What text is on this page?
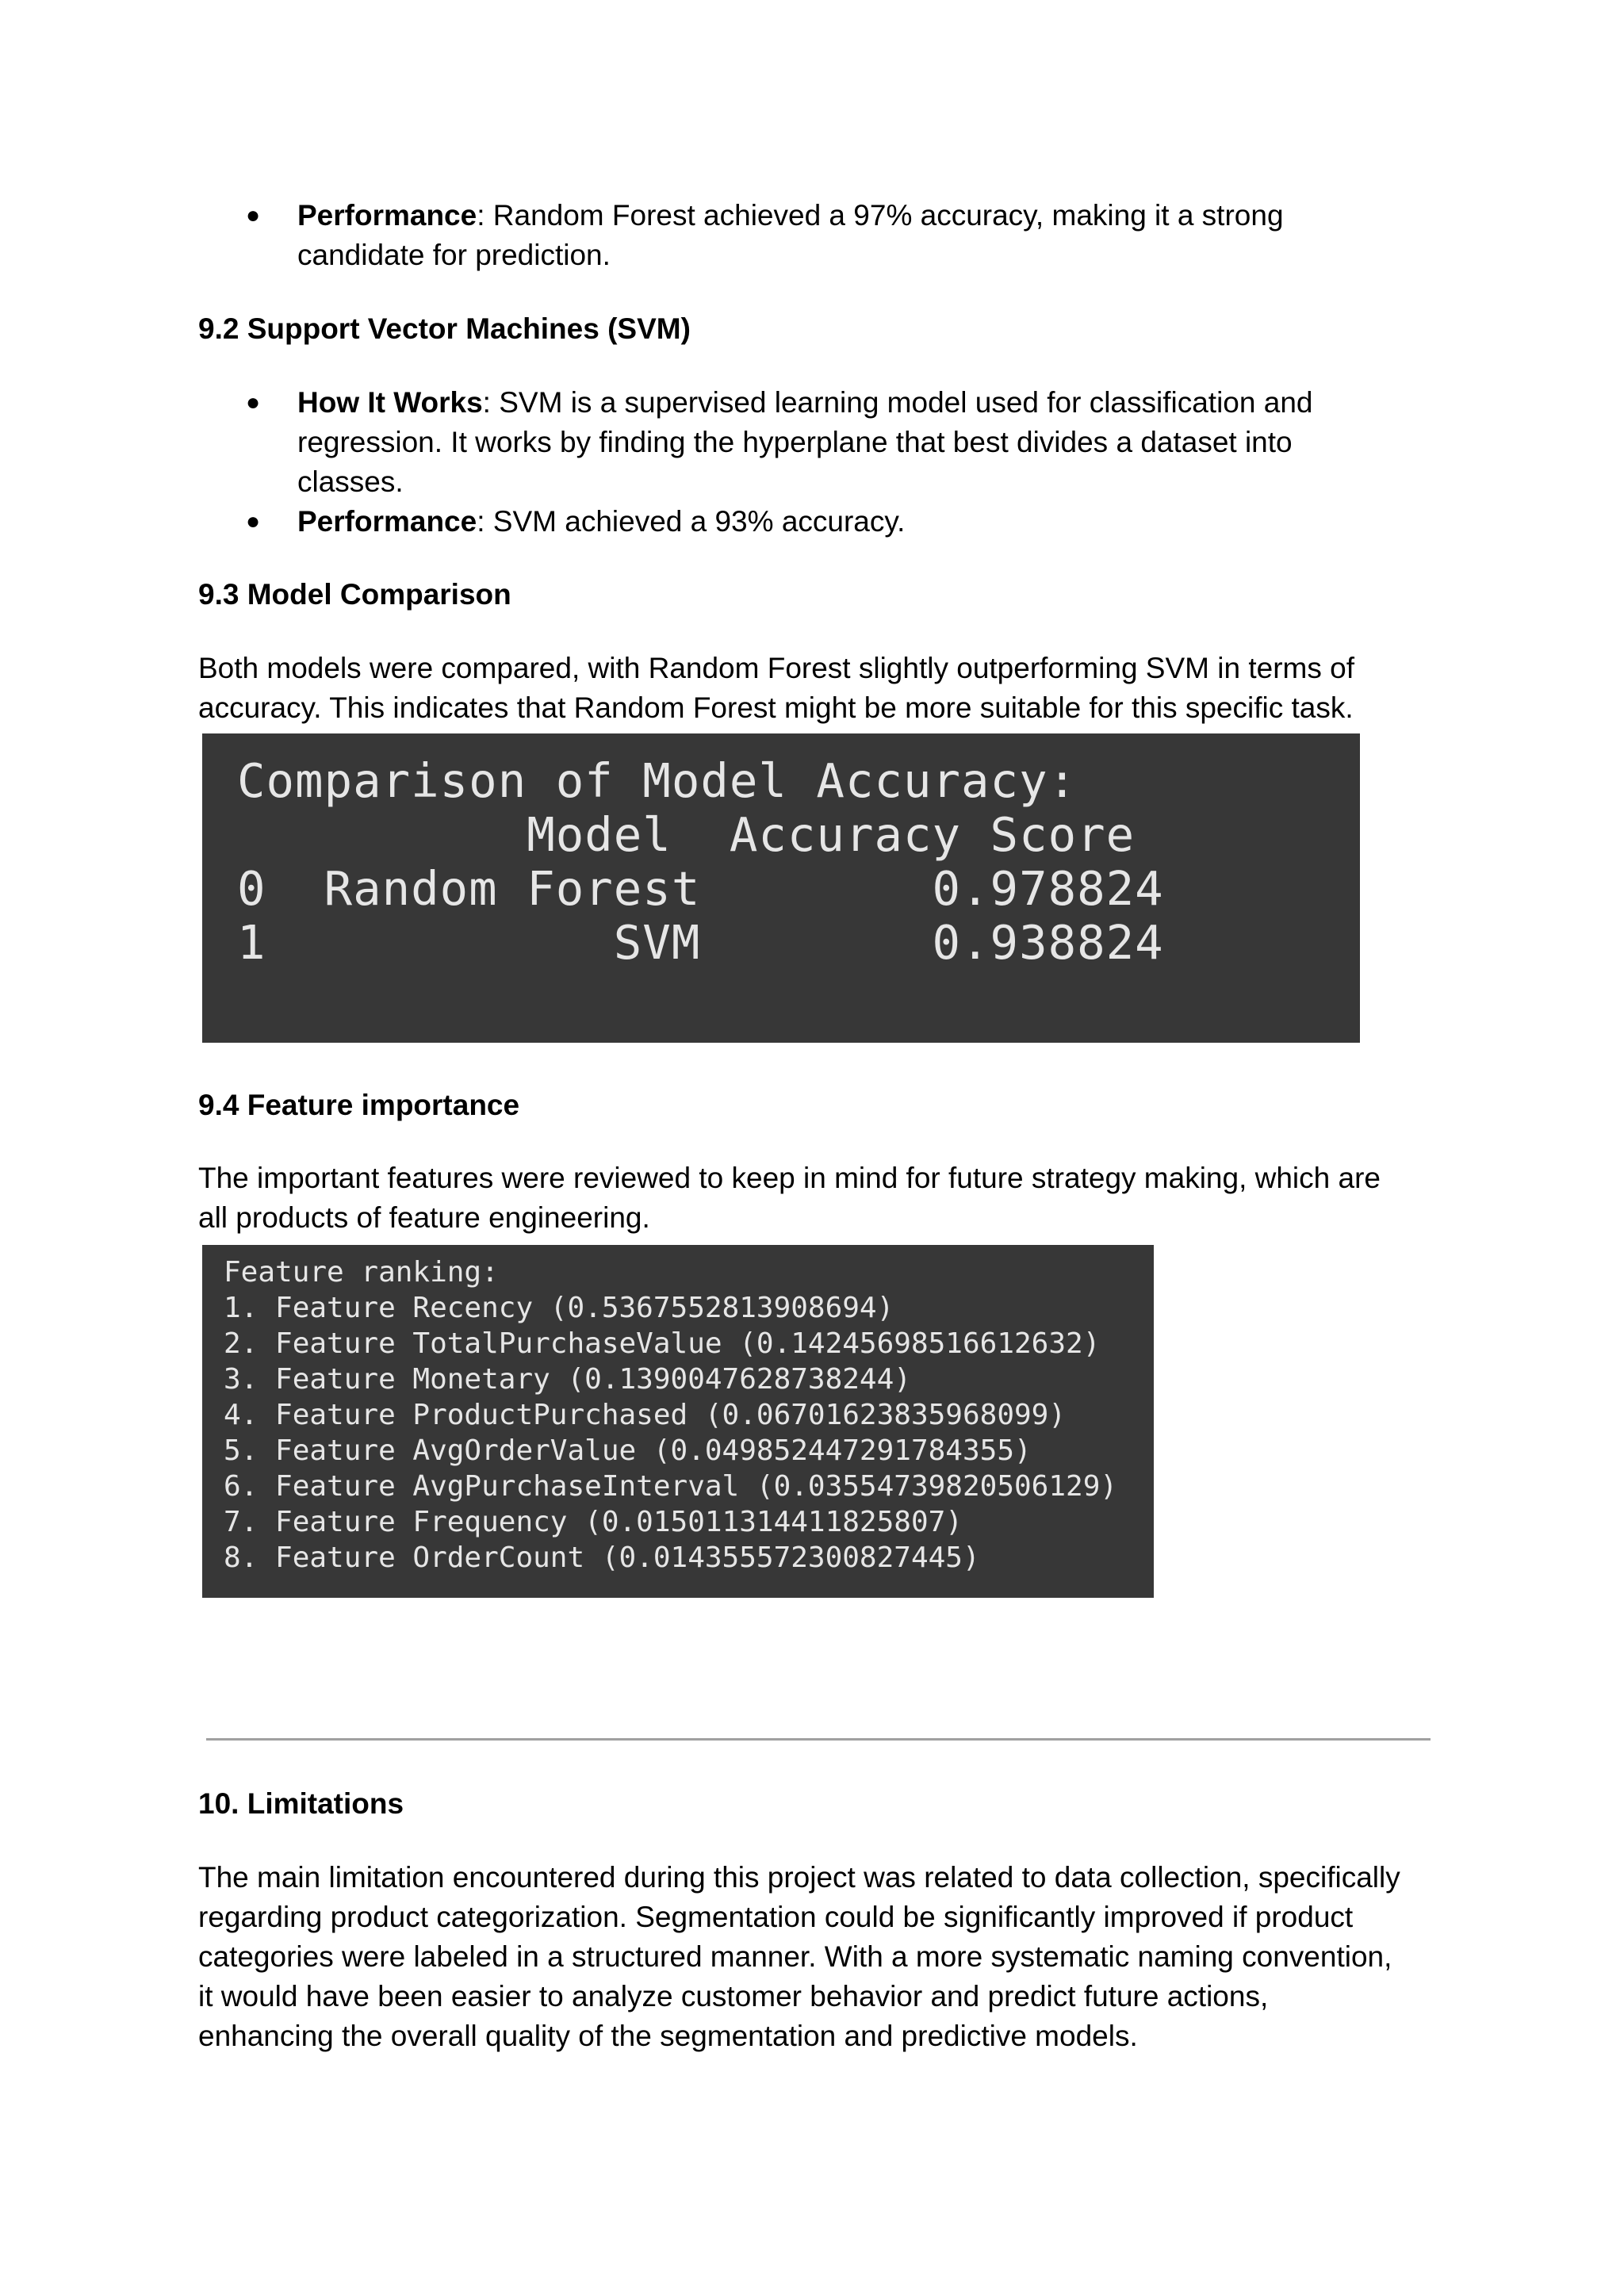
● Performance: Random Forest achieved a 97% accuracy, making it a strong
candidate for prediction.

9.2 Support Vector Machines (SVM)

● How It Works: SVM is a supervised learning model used for classification and
regression. It works by finding the hyperplane that best divides a dataset into
classes.
● Performance: SVM achieved a 93% accuracy.

9.3 Model Comparison

Both models were compared, with Random Forest slightly outperforming SVM in terms of

accuracy. This indicates that Random Forest might be more suitable for this specific task.

Comparison of Model Accuracy:

Model  Accuracy Score

0  Random Forest        0.978824

1            SVM        0.938824

9.4 Feature importance

The important features were reviewed to keep in mind for future strategy making, which are

all products of feature engineering.

Feature ranking:

1. Feature Recency (0.5367552813908694)

2. Feature TotalPurchaseValue (0.14245698516612632)

3. Feature Monetary (0.1390047628738244)

4. Feature ProductPurchased (0.06701623835968099)

5. Feature AvgOrderValue (0.049852447291784355)

6. Feature AvgPurchaseInterval (0.03554739820506129)

7. Feature Frequency (0.015011314411825807)

8. Feature OrderCount (0.014355572300827445)

10. Limitations

The main limitation encountered during this project was related to data collection, specifically

regarding product categorization. Segmentation could be significantly improved if product

categories were labeled in a structured manner. With a more systematic naming convention,

it would have been easier to analyze customer behavior and predict future actions,

enhancing the overall quality of the segmentation and predictive models.
